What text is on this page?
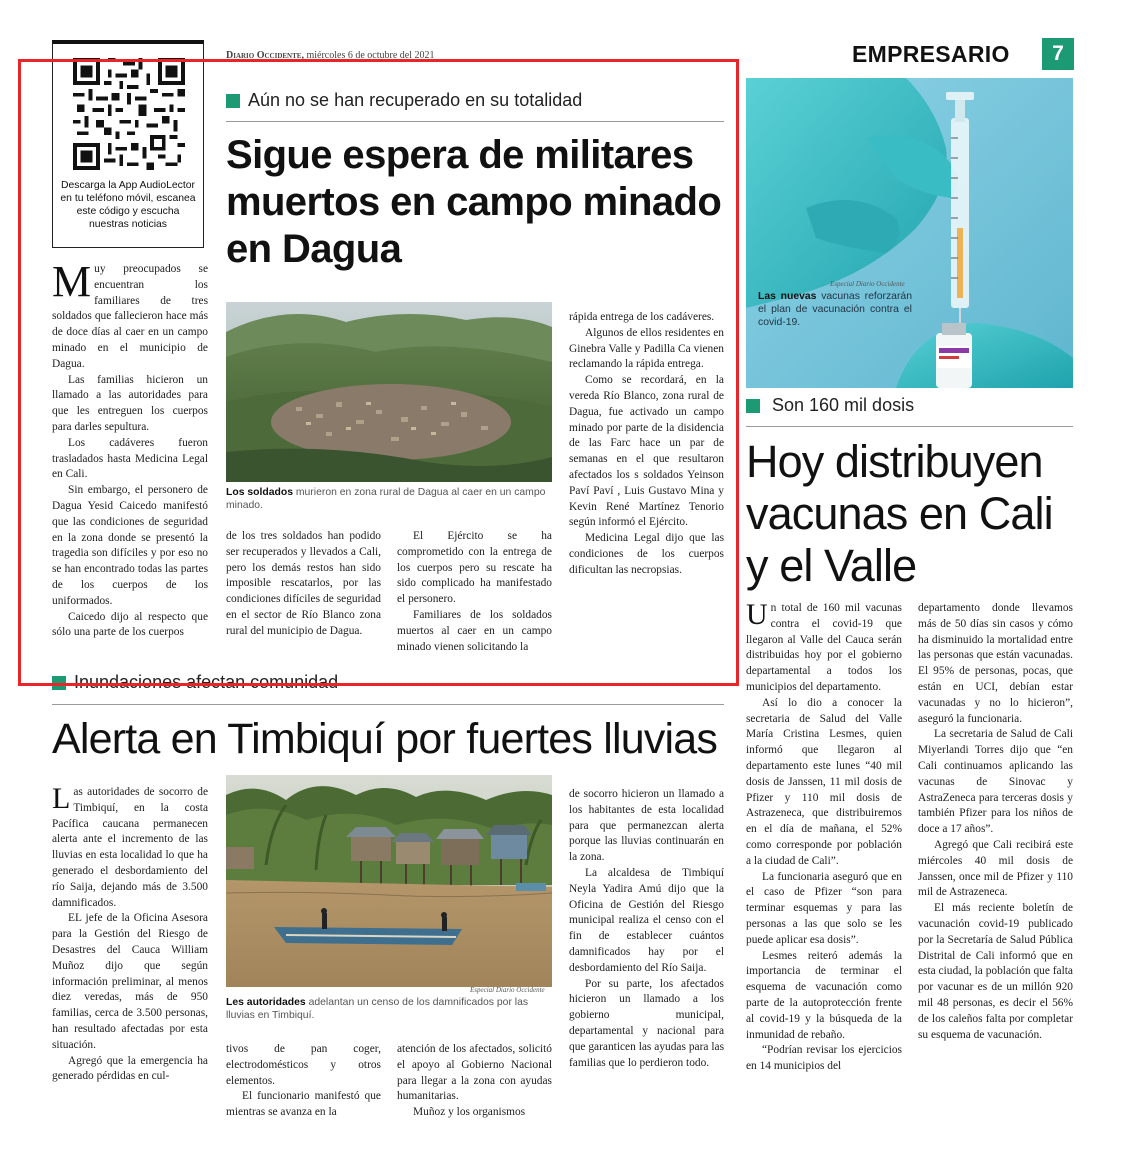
Diario Occidente, miércoles 6 de octubre del 2021	EMPRESARIO	7
Descarga la App AudioLector en tu teléfono móvil, escanea este código y escucha nuestras noticias
Aún no se han recuperado en su totalidad
Sigue espera de militares muertos en campo minado en Dagua
M uy preocupados se encuentran los familiares de tres soldados que fallecieron hace más de doce días al caer en un campo minado en el municipio de Dagua.

Las familias hicieron un llamado a las autoridades para que les entreguen los cuerpos para darles sepultura.

Los cadáveres fueron trasladados hasta Medicina Legal en Cali.

Sin embargo, el personero de Dagua Yesid Caicedo manifestó que las condiciones de seguridad en la zona donde se presentó la tragedia son difíciles y por eso no se han encontrado todas las partes de los cuerpos de los uniformados.

Caicedo dijo al respecto que sólo una parte de los cuerpos

Los soldados murieron en zona rural de Dagua al caer en un campo minado.

de los tres soldados han podido ser recuperados y llevados a Cali, pero los demás restos han sido imposible rescatarlos, por las condiciones difíciles de seguridad en el sector de Río Blanco zona rural del municipio de Dagua.

El Ejército se ha comprometido con la entrega de los cuerpos pero su rescate ha sido complicado ha manifestado el personero.

Familiares de los soldados muertos al caer en un campo minado vienen solicitando la

rápida entrega de los cadáveres.

Algunos de ellos residentes en Ginebra Valle y Padilla Ca vienen reclamando la rápida entrega.

Como se recordará, en la vereda Río Blanco, zona rural de Dagua, fue activado un campo minado por parte de la disidencia de las Farc hace un par de semanas en el que resultaron afectados los s soldados Yeinson Paví Paví , Luis Gustavo Mina y Kevin René Martínez Tenorio según informó el Ejército.

Medicina Legal dijo que las condiciones de los cuerpos dificultan las necropsias.

Inundaciones afectan comunidad
Alerta en Timbiquí por fuertes lluvias
L as autoridades de socorro de Timbiquí, en la costa Pacífica caucana permanecen alerta ante el incremento de las lluvias en esta localidad lo que ha generado el desbordamiento del río Saija, dejando más de 3.500 damnificados.

EL jefe de la Oficina Asesora para la Gestión del Riesgo de Desastres del Cauca William Muñoz dijo que según información preliminar, al menos diez veredas, más de 950 familias, cerca de 3.500 personas, han resultado afectadas por esta situación.

Agregó que la emergencia ha generado pérdidas en cul-

Especial Diario Occidente
Les autoridades adelantan un censo de los damnificados por las lluvias en Timbiquí.

tivos de pan coger, electrodomésticos y otros elementos.

El funcionario manifestó que mientras se avanza en la

atención de los afectados, solicitó el apoyo al Gobierno Nacional para llegar a la zona con ayudas humanitarias.

Muñoz y los organismos

de socorro hicieron un llamado a los habitantes de esta localidad para que permanezcan alerta porque las lluvias continuarán en la zona.

La alcaldesa de Timbiquí Neyla Yadira Amú dijo que la Oficina de Gestión del Riesgo municipal realiza el censo con el fin de establecer cuántos damnificados hay por el desbordamiento del Río Saija.

Por su parte, los afectados hicieron un llamado a los gobierno municipal, departamental y nacional para que garanticen las ayudas para las familias que lo perdieron todo.

Especial Diario Occidente
Las nuevas vacunas reforzarán el plan de vacunación contra el covid-19.
Son 160 mil dosis
Hoy distribuyen vacunas en Cali y el Valle
U n total de 160 mil vacunas contra el covid-19 que llegaron al Valle del Cauca serán distribuidas hoy por el gobierno departamental a todos los municipios del departamento.

Así lo dio a conocer la secretaria de Salud del Valle María Cristina Lesmes, quien informó que llegaron al departamento este lunes “40 mil dosis de Janssen, 11 mil dosis de Pfizer y 110 mil dosis de Astrazeneca, que distribuiremos en el día de mañana, el 52% como corresponde por población a la ciudad de Cali”.

La funcionaria aseguró que en el caso de Pfizer “son para terminar esquemas y para las personas a las que solo se les puede aplicar esa dosis”.

Lesmes reiteró además la importancia de terminar el esquema de vacunación como parte de la autoprotección frente al covid-19 y la búsqueda de la inmunidad de rebaño.

“Podrían revisar los ejercicios en 14 municipios del

departamento donde llevamos más de 50 días sin casos y cómo ha disminuido la mortalidad entre las personas que están vacunadas. El 95% de personas, pocas, que están en UCI, debían estar vacunadas y no lo hicieron”, aseguró la funcionaria.

La secretaria de Salud de Cali Miyerlandi Torres dijo que “en Cali continuamos aplicando las vacunas de Sinovac y AstraZeneca para terceras dosis y también Pfizer para los niños de doce a 17 años”.

Agregó que Cali recibirá este miércoles 40 mil dosis de Janssen, once mil de Pfizer y 110 mil de Astrazeneca.

El más reciente boletín de vacunación covid-19 publicado por la Secretaría de Salud Pública Distrital de Cali informó que en esta ciudad, la población que falta por vacunar es de un millón 920 mil 48 personas, es decir el 56% de los caleños falta por completar su esquema de vacunación.
